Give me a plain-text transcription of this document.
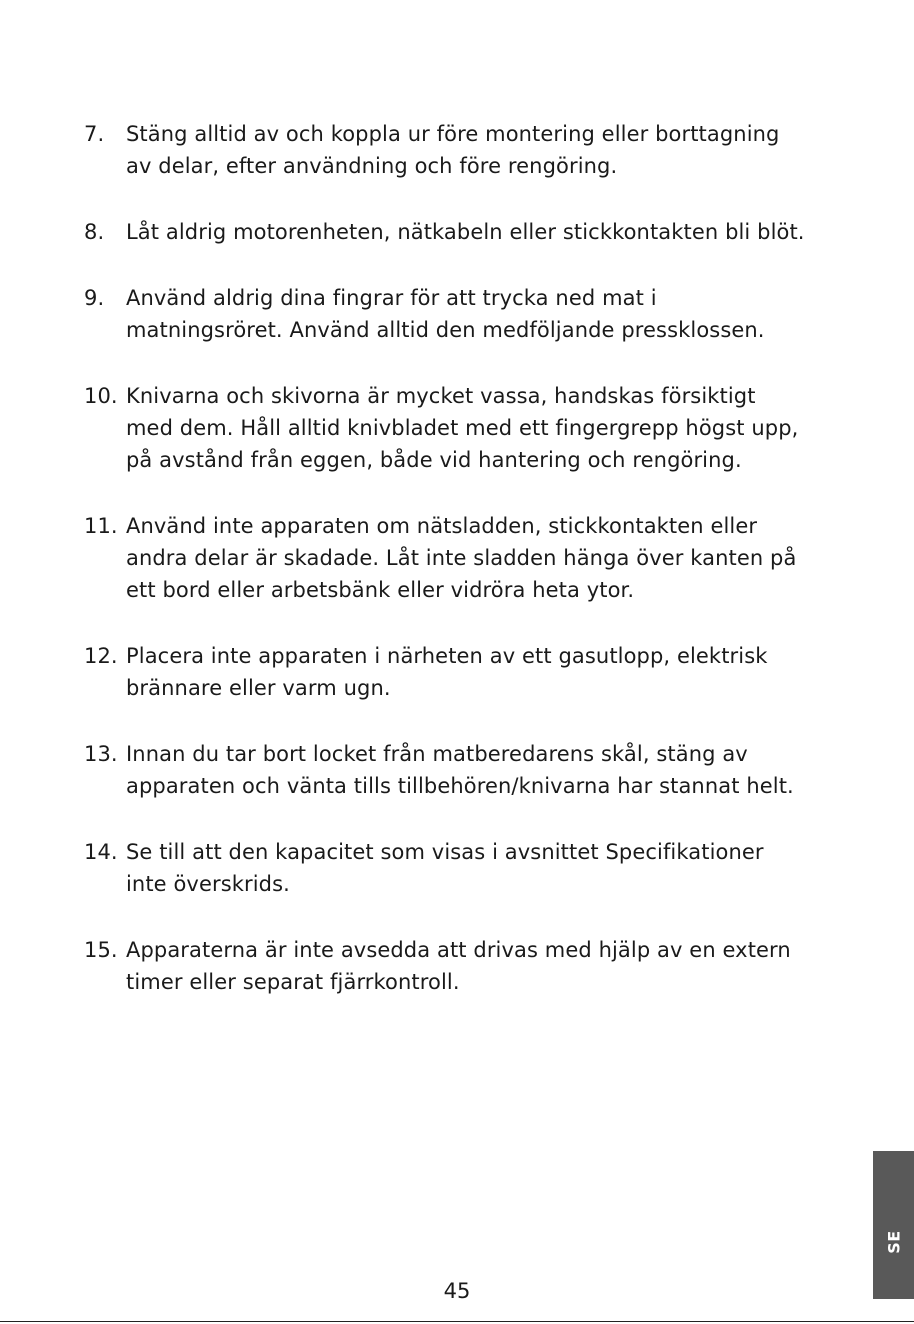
7.	Stäng alltid av och koppla ur före montering eller borttagning
av delar, efter användning och före rengöring.
8.	Låt aldrig motorenheten, nätkabeln eller stickkontakten bli blöt.
9.	Använd aldrig dina fingrar för att trycka ned mat i
matningsröret. Använd alltid den medföljande pressklossen.
10. Knivarna och skivorna är mycket vassa, handskas försiktigt
med dem. Håll alltid knivbladet med ett fingergrepp högst upp,
på avstånd från eggen, både vid hantering och rengöring.
11. Använd inte apparaten om nätsladden, stickkontakten eller
andra delar är skadade. Låt inte sladden hänga över kanten på
ett bord eller arbetsbänk eller vidröra heta ytor.
12. Placera inte apparaten i närheten av ett gasutlopp, elektrisk
brännare eller varm ugn.
13. Innan du tar bort locket från matberedarens skål, stäng av
apparaten och vänta tills tillbehören/knivarna har stannat helt.
14. Se till att den kapacitet som visas i avsnittet Specifikationer
inte överskrids.
15. Apparaterna är inte avsedda att drivas med hjälp av en extern
timer eller separat fjärrkontroll.
SE
45
